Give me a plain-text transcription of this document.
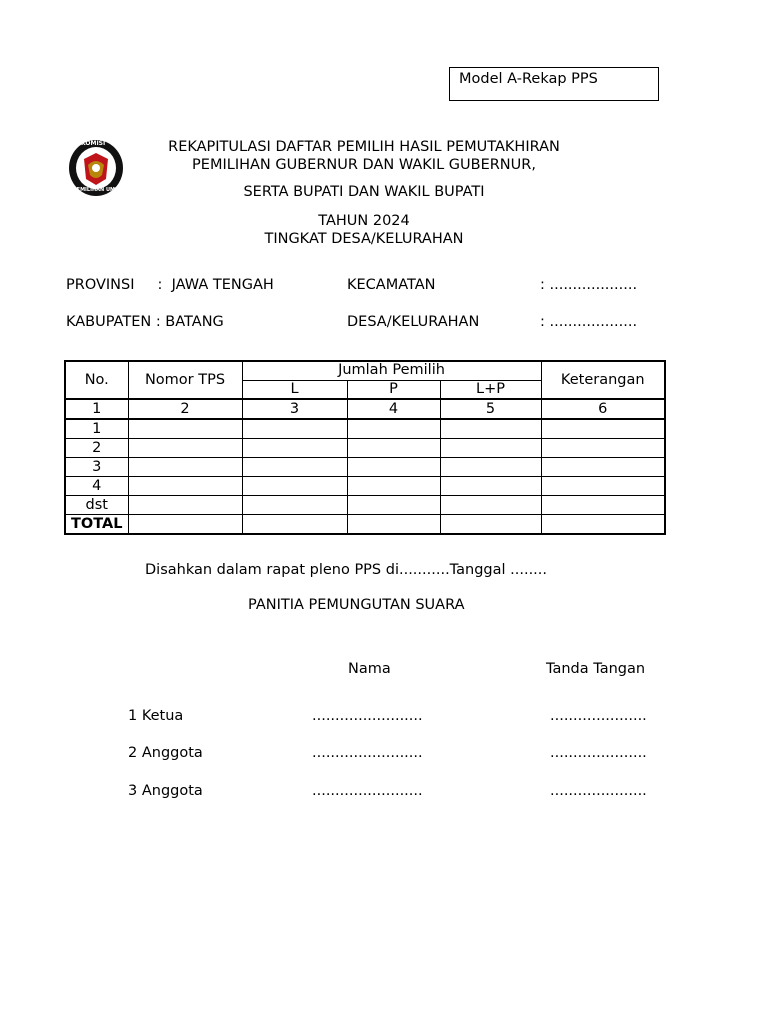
Model A-Rekap PPS
KOMISI
PEMILIHAN UMUM
REKAPITULASI DAFTAR PEMILIH HASIL PEMUTAKHIRAN
PEMILIHAN GUBERNUR DAN WAKIL GUBERNUR,
SERTA BUPATI DAN WAKIL BUPATI
TAHUN 2024
TINGKAT DESA/KELURAHAN
PROVINSI     :  JAWA TENGAH	KECAMATAN	: ...................
KABUPATEN : BATANG	DESA/KELURAHAN	: ...................
No.	Nomor TPS	Jumlah Pemilih			Keterangan
		L	P	L+P	
1	2	3	4	5	6
1					
2					
3					
4					
dst					
TOTAL					
Disahkan dalam rapat pleno PPS di...........Tanggal ........
PANITIA PEMUNGUTAN SUARA
Nama	Tanda Tangan
1 Ketua	........................	.....................
2 Anggota	........................	.....................
3 Anggota	........................	.....................
